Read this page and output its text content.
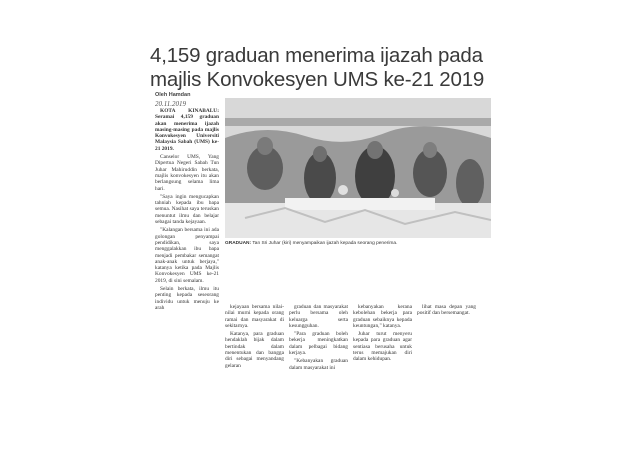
4,159 graduan menerima ijazah pada majlis Konvokesyen UMS ke-21 2019
Oleh Hamdan
20.11.2019

KOTA KINABALU: Seramai 4,159 graduan akan menerima ijazah masing-masing pada majlis Konvokesyen Universiti Malaysia Sabah (UMS) ke-21 2019.

Canselor UMS, Yang Dipertua Negeri Sabah Tun Juhar Mahiruddin berkata, majlis konvokesyen itu akan berlangsung selama lima hari.

"Saya ingin mengucapkan tahniah kepada ibu bapa semua. Nasihat saya teruskan menuntut ilmu dan belajar sebagai tanda kejayaan.

"Kalangan bersama ini ada golongan penyampai pendidikan, saya menggalakkan ibu bapa menjadi pembakar semangat anak-anak untuk berjaya," katanya ketika pada Majlis Konvokesyen UMS ke-21 2019, di sini semalam.

Selain berkata, ilmu itu penting kepada seseorang individu untuk menuju ke arah

GRADUAN: Tan Sri Juhar (kiri) menyampaikan ijazah kepada seorang penerima.

kejayaan bersama nilai-nilai murni kepada orang ramai dan masyarakat di sekitarnya.

Katanya, para graduan hendaklah bijak dalam bertindak dalam menentukan dan bangga diri sebagai menyandang gelaran

graduan dan masyarakat perlu bersama oleh keluarga serta kesungguhan.

"Para graduan boleh bekerja meningkatkan dalam pelbagai bidang kerjaya.

"Kebanyakan graduan dalam masyarakat ini

kebanyakan kerana kebolehan bekerja para graduan sebaiknya kepada keuntungan," katanya.

Juhar turut menyeru kepada para graduan agar sentiasa berusaha untuk terus memajukan diri dalam kehidupan.

lihat masa depan yang positif dan bersemangat.
